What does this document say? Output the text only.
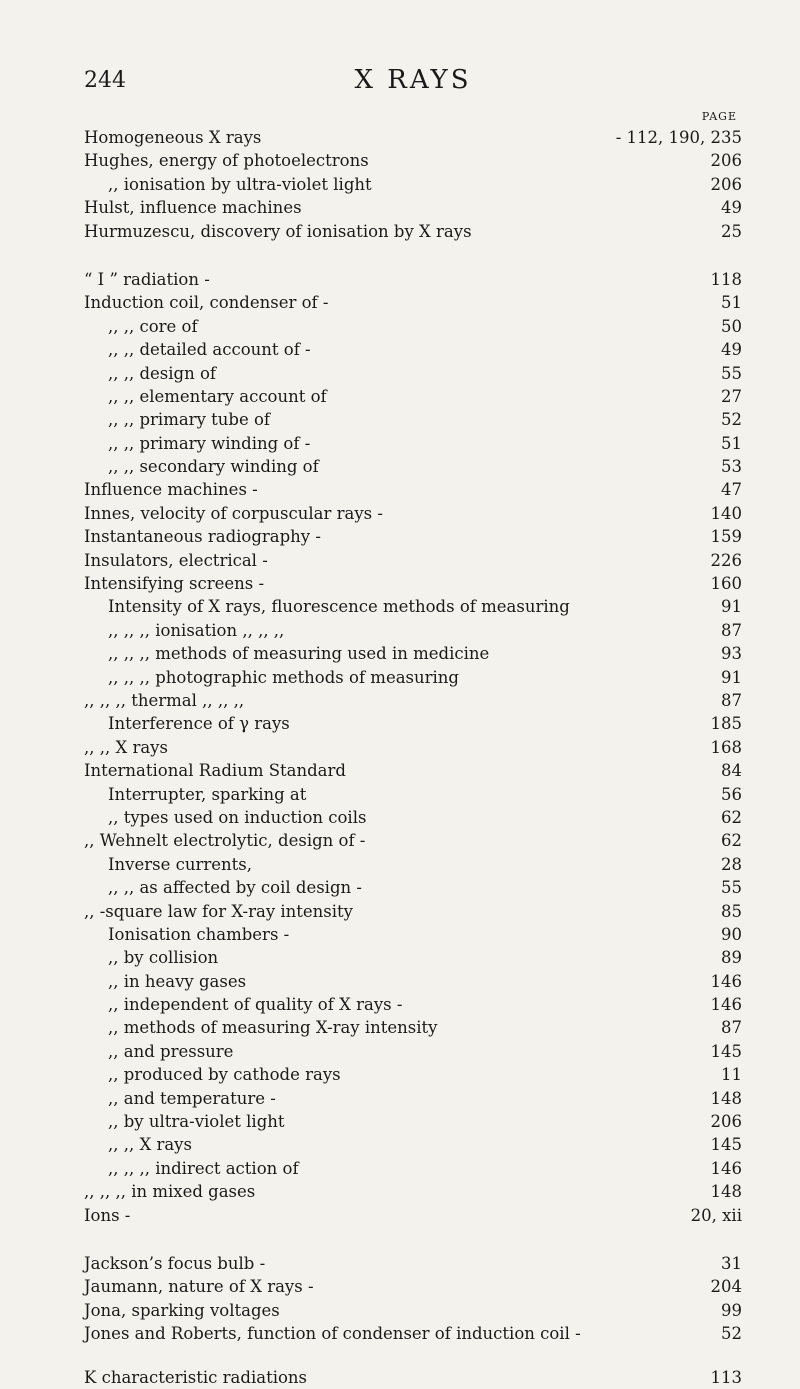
244	X RAYS
PAGE
Homogeneous X rays	- 112, 190, 235
Hughes, energy of photoelectrons	206
,, ionisation by ultra-violet light	206
Hulst, influence machines	49
Hurmuzescu, discovery of ionisation by X rays	25
“ I ” radiation -	118
Induction coil, condenser of -	51
,, ,, core of	50
,, ,, detailed account of -	49
,, ,, design of	55
,, ,, elementary account of	27
,, ,, primary tube of	52
,, ,, primary winding of -	51
,, ,, secondary winding of	53
Influence machines -	47
Innes, velocity of corpuscular rays -	140
Instantaneous radiography -	159
Insulators, electrical -	226
Intensifying screens -	160
Intensity of X rays, fluorescence methods of measuring	91
,, ,, ,, ionisation ,, ,, ,,	87
,, ,, ,, methods of measuring used in medicine	93
,, ,, ,, photographic methods of measuring	91
,, ,, ,, thermal ,, ,, ,,	87
Interference of γ rays	185
,, ,, X rays	168
International Radium Standard	84
Interrupter, sparking at	56
,, types used on induction coils	62
,, Wehnelt electrolytic, design of -	62
Inverse currents,	28
,, ,, as affected by coil design -	55
,, -square law for X-ray intensity	85
Ionisation chambers -	90
,, by collision	89
,, in heavy gases	146
,, independent of quality of X rays -	146
,, methods of measuring X-ray intensity	87
,, and pressure	145
,, produced by cathode rays	11
,, and temperature -	148
,, by ultra-violet light	206
,, ,, X rays	145
,, ,, ,, indirect action of	146
,, ,, ,, in mixed gases	148
Ions -	20, xii
Jackson’s focus bulb -	31
Jaumann, nature of X rays -	204
Jona, sparking voltages	99
Jones and Roberts, function of condenser of induction coil -	52
K characteristic radiations	113
